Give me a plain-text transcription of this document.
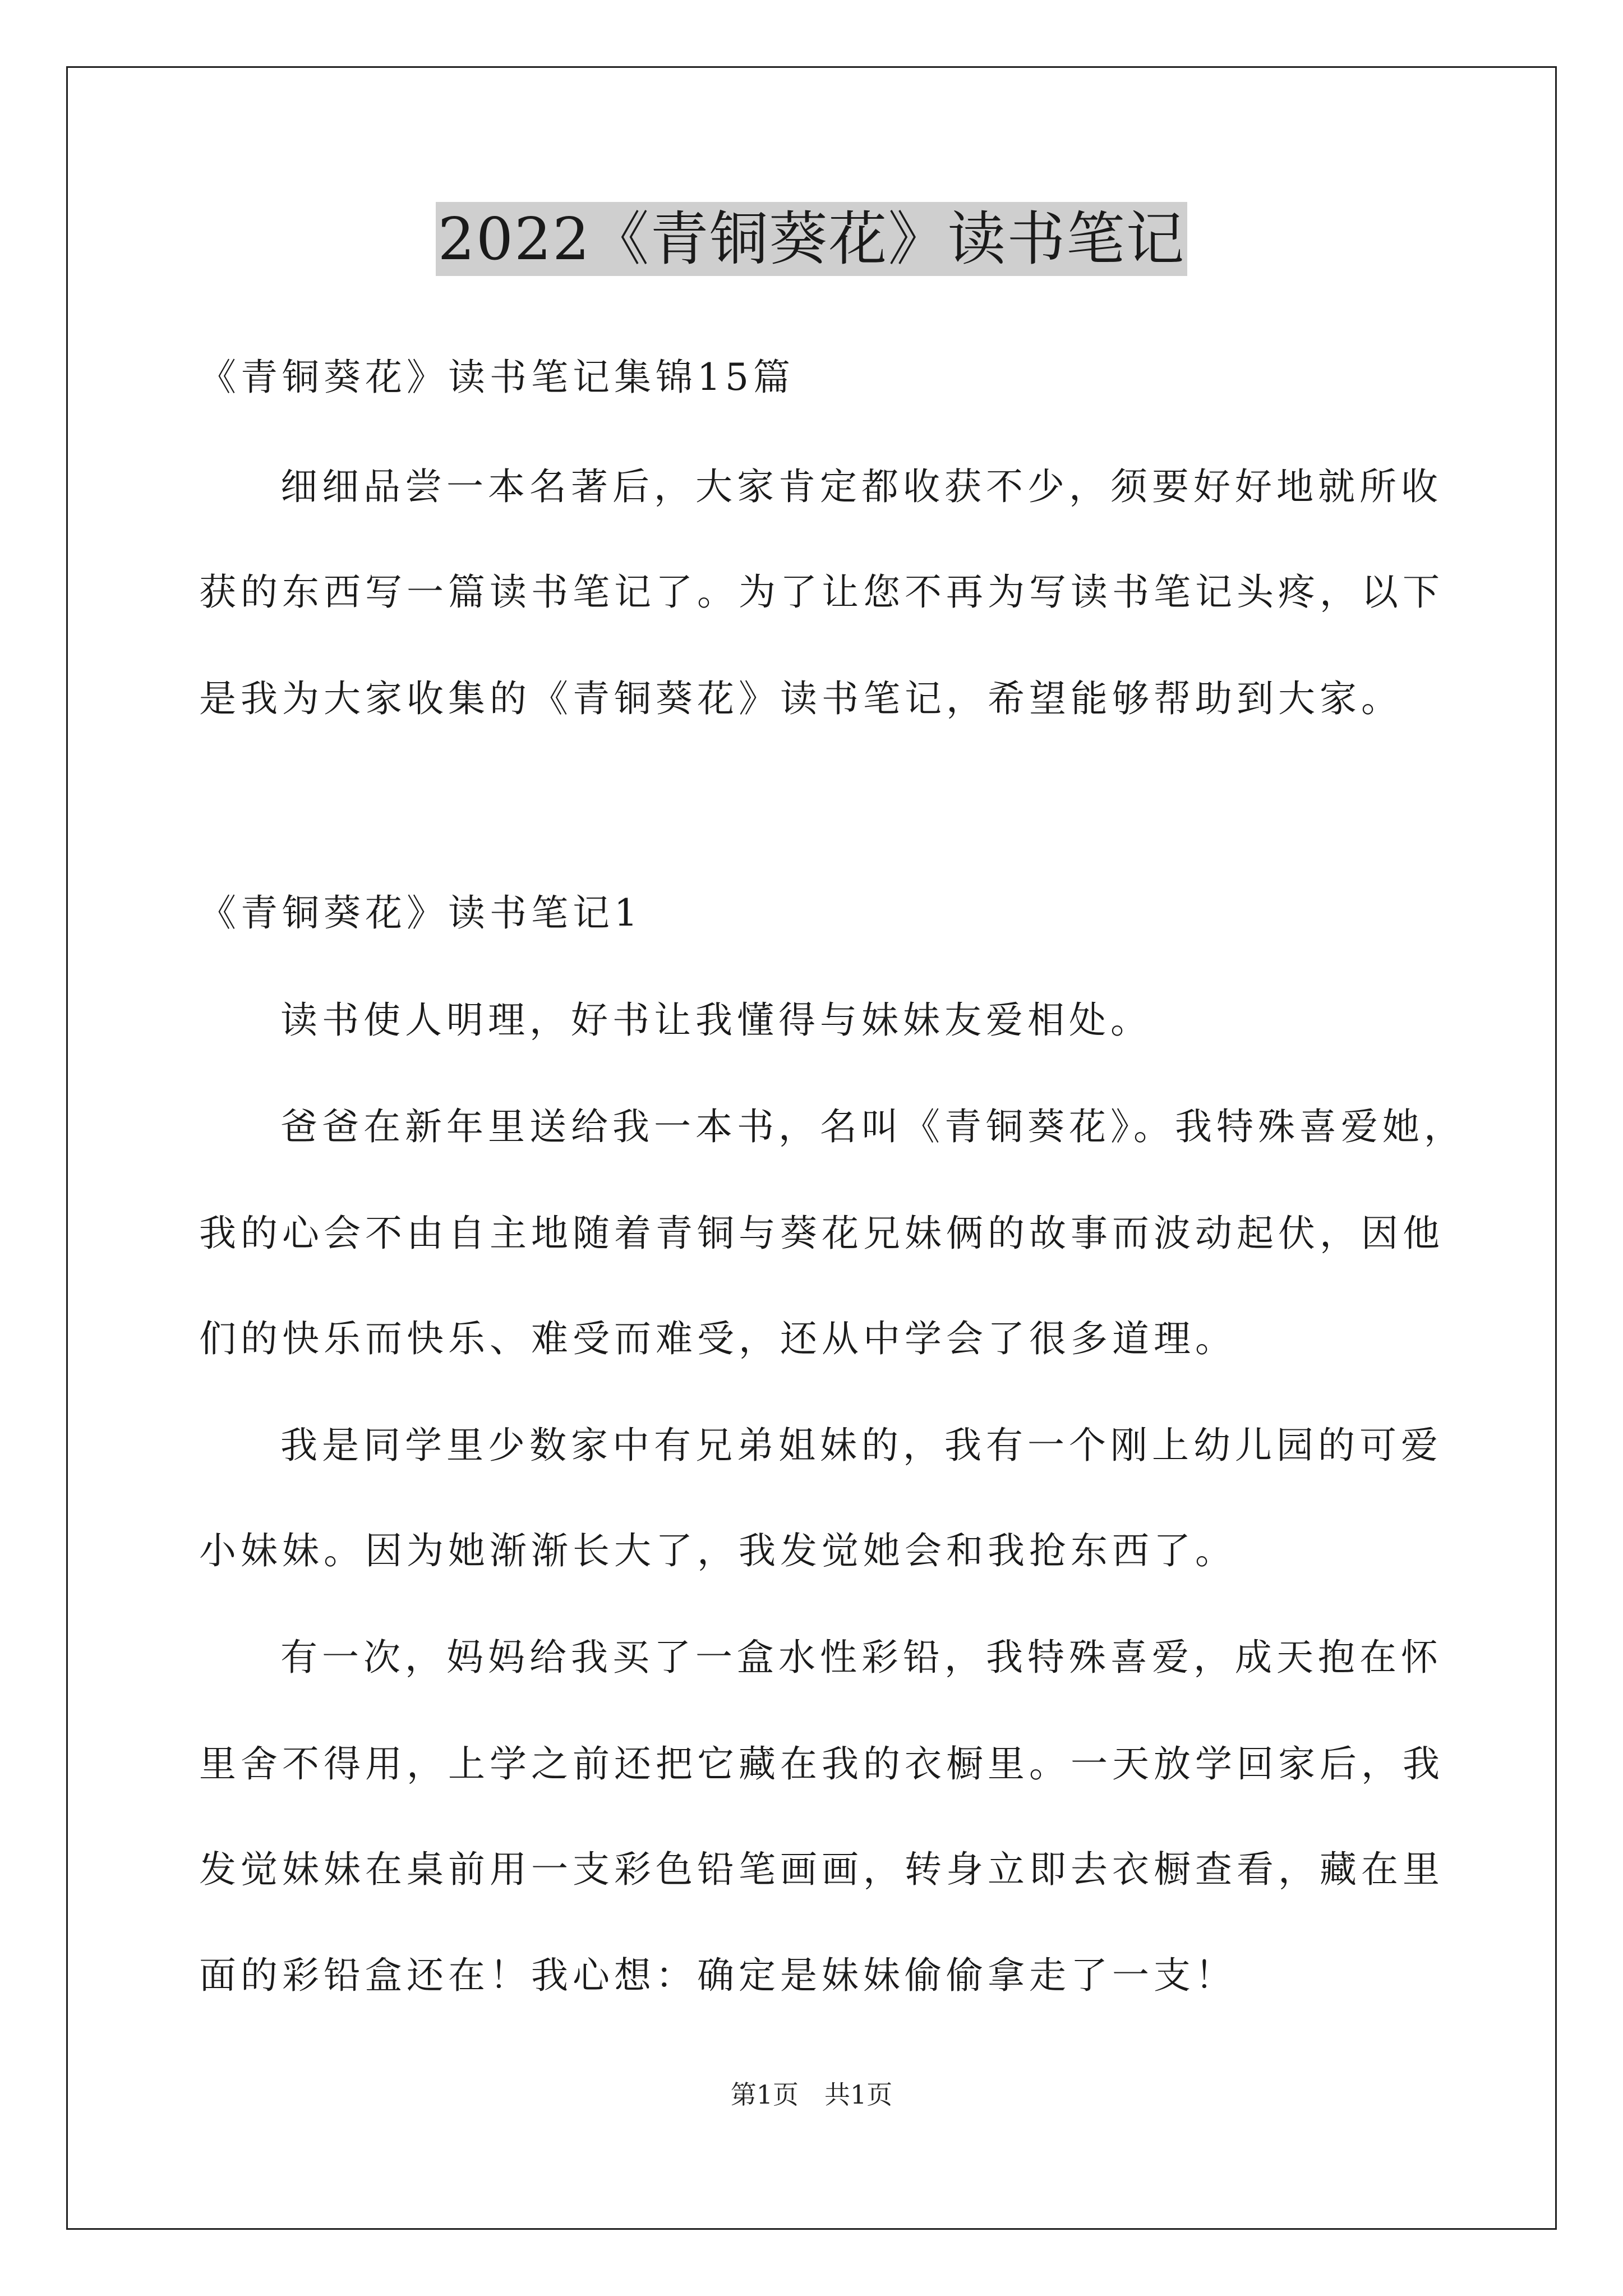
2022《青铜葵花》读书笔记
《青铜葵花》读书笔记集锦15篇
细细品尝一本名著后，大家肯定都收获不少，须要好好地就所收
获的东西写一篇读书笔记了。为了让您不再为写读书笔记头疼，以下
是我为大家收集的《青铜葵花》读书笔记，希望能够帮助到大家。
《青铜葵花》读书笔记1
读书使人明理，好书让我懂得与妹妹友爱相处。
爸爸在新年里送给我一本书，名叫《青铜葵花》。我特殊喜爱她，
我的心会不由自主地随着青铜与葵花兄妹俩的故事而波动起伏，因他
们的快乐而快乐、难受而难受，还从中学会了很多道理。
我是同学里少数家中有兄弟姐妹的，我有一个刚上幼儿园的可爱
小妹妹。因为她渐渐长大了，我发觉她会和我抢东西了。
有一次，妈妈给我买了一盒水性彩铅，我特殊喜爱，成天抱在怀
里舍不得用，上学之前还把它藏在我的衣橱里。一天放学回家后，我
发觉妹妹在桌前用一支彩色铅笔画画，转身立即去衣橱查看，藏在里
面的彩铅盒还在！我心想：确定是妹妹偷偷拿走了一支！
第1页　共1页
